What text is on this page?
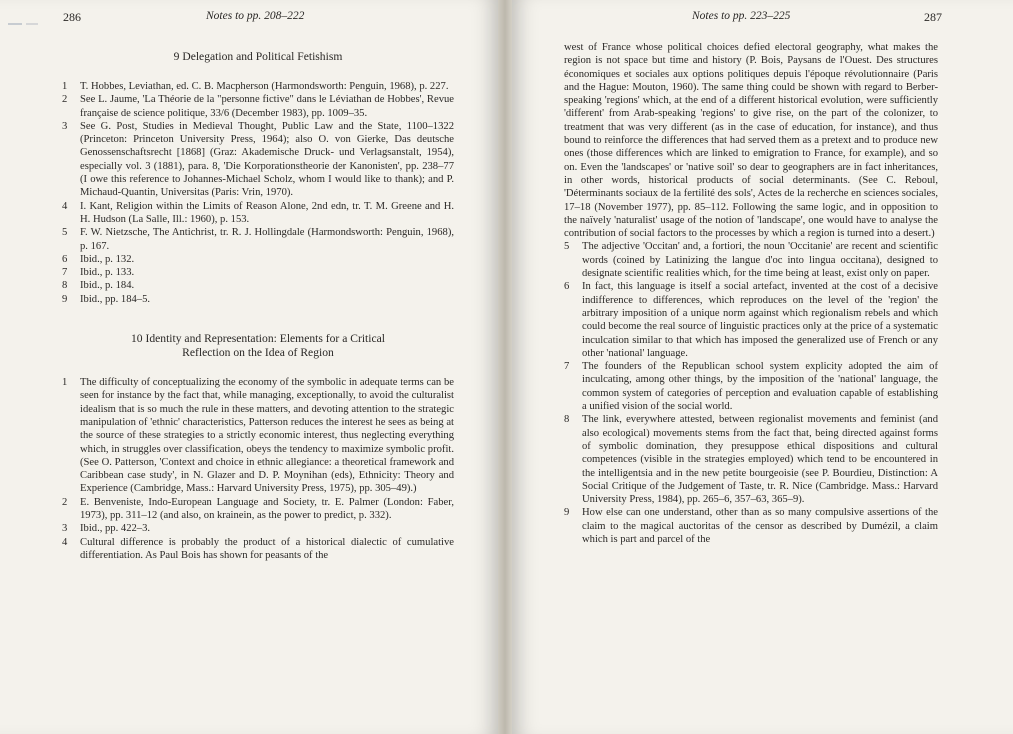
286	Notes to pp. 208–222
9 Delegation and Political Fetishism

1 T. Hobbes, Leviathan, ed. C. B. Macpherson (Harmondsworth: Penguin, 1968), p. 227.

2 See L. Jaume, 'La Théorie de la "personne fictive" dans le Léviathan de Hobbes', Revue française de science politique, 33/6 (December 1983), pp. 1009–35.

3 See G. Post, Studies in Medieval Thought, Public Law and the State, 1100–1322 (Princeton: Princeton University Press, 1964); also O. von Gierke, Das deutsche Genossenschaftsrecht [1868] (Graz: Akademische Druck- und Verlagsanstalt, 1954), especially vol. 3 (1881), para. 8, 'Die Korporationstheorie der Kanonisten', pp. 238–77 (I owe this reference to Johannes-Michael Scholz, whom I would like to thank); and P. Michaud-Quantin, Universitas (Paris: Vrin, 1970).

4 I. Kant, Religion within the Limits of Reason Alone, 2nd edn, tr. T. M. Greene and H. H. Hudson (La Salle, Ill.: 1960), p. 153.

5 F. W. Nietzsche, The Antichrist, tr. R. J. Hollingdale (Harmondsworth: Penguin, 1968), p. 167.

6 Ibid., p. 132.

7 Ibid., p. 133.

8 Ibid., p. 184.

9 Ibid., pp. 184–5.

10 Identity and Representation: Elements for a Critical
Reflection on the Idea of Region

1 The difficulty of conceptualizing the economy of the symbolic in adequate terms can be seen for instance by the fact that, while managing, exceptionally, to avoid the culturalist idealism that is so much the rule in these matters, and devoting attention to the strategic manipulation of 'ethnic' characteristics, Patterson reduces the interest he sees as being at the source of these strategies to a strictly economic interest, thus neglecting everything which, in struggles over classification, obeys the tendency to maximize symbolic profit. (See O. Patterson, 'Context and choice in ethnic allegiance: a theoretical framework and Caribbean case study', in N. Glazer and D. P. Moynihan (eds), Ethnicity: Theory and Experience (Cambridge, Mass.: Harvard University Press, 1975), pp. 305–49).)

2 E. Benveniste, Indo-European Language and Society, tr. E. Palmer (London: Faber, 1973), pp. 311–12 (and also, on krainein, as the power to predict, p. 332).

3 Ibid., pp. 422–3.

4 Cultural difference is probably the product of a historical dialectic of cumulative differentiation. As Paul Bois has shown for peasants of the

Notes to pp. 223–225	287

west of France whose political choices defied electoral geography, what makes the region is not space but time and history (P. Bois, Paysans de l'Ouest. Des structures économiques et sociales aux options politiques depuis l'époque révolutionnaire (Paris and the Hague: Mouton, 1960). The same thing could be shown with regard to Berber-speaking 'regions' which, at the end of a different historical evolution, were sufficiently 'different' from Arab-speaking 'regions' to give rise, on the part of the colonizer, to treatment that was very different (as in the case of education, for instance), and thus bound to reinforce the differences that had served them as a pretext and to produce new ones (those differences which are linked to emigration to France, for example), and so on. Even the 'landscapes' or 'native soil' so dear to geographers are in fact inheritances, in other words, historical products of social determinants. (See C. Reboul, 'Déterminants sociaux de la fertilité des sols', Actes de la recherche en sciences sociales, 17–18 (November 1977), pp. 85–112. Following the same logic, and in opposition to the naïvely 'naturalist' usage of the notion of 'landscape', one would have to analyse the contribution of social factors to the processes by which a region is turned into a desert.)

5 The adjective 'Occitan' and, a fortiori, the noun 'Occitanie' are recent and scientific words (coined by Latinizing the langue d'oc into lingua occitana), designed to designate scientific realities which, for the time being at least, exist only on paper.

6 In fact, this language is itself a social artefact, invented at the cost of a decisive indifference to differences, which reproduces on the level of the 'region' the arbitrary imposition of a unique norm against which regionalism rebels and which could become the real source of linguistic practices only at the price of a systematic inculcation similar to that which has imposed the generalized use of French or any other 'national' language.

7 The founders of the Republican school system explicity adopted the aim of inculcating, among other things, by the imposition of the 'national' language, the common system of categories of perception and evaluation capable of establishing a unified vision of the social world.

8 The link, everywhere attested, between regionalist movements and feminist (and also ecological) movements stems from the fact that, being directed against forms of symbolic domination, they presuppose ethical dispositions and cultural competences (visible in the strategies employed) which tend to be encountered in the intelligentsia and in the new petite bourgeoisie (see P. Bourdieu, Distinction: A Social Critique of the Judgement of Taste, tr. R. Nice (Cambridge. Mass.: Harvard University Press, 1984), pp. 265–6, 357–63, 365–9).

9 How else can one understand, other than as so many compulsive assertions of the claim to the magical auctoritas of the censor as described by Dumézil, a claim which is part and parcel of the
